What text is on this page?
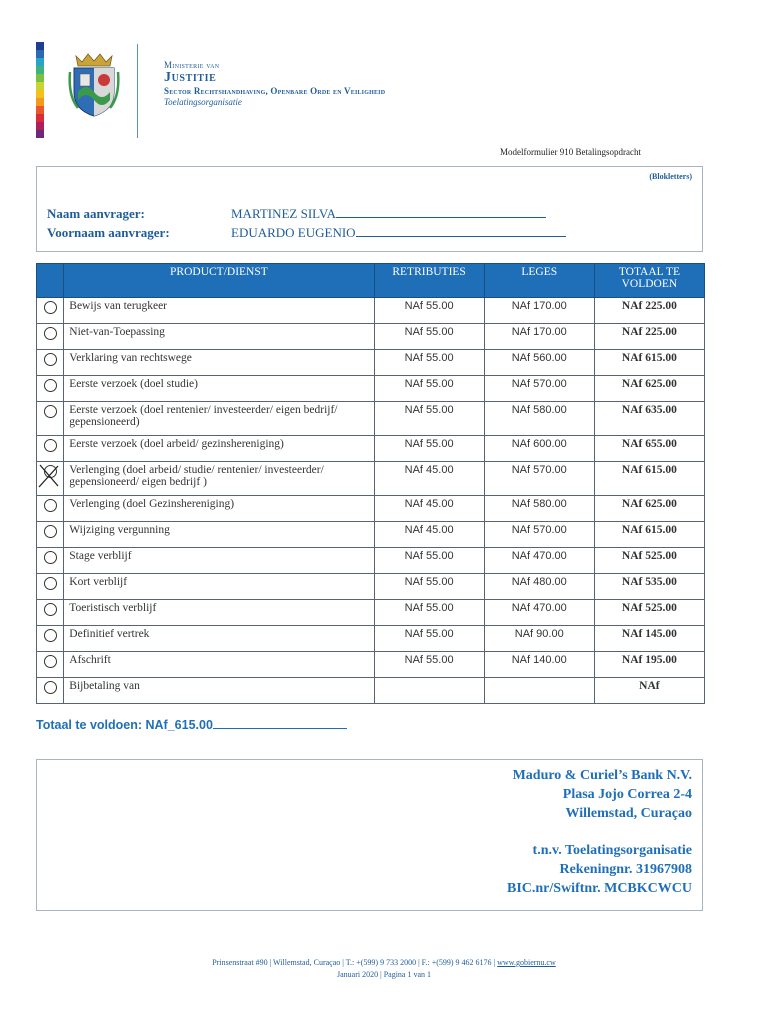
Ministerie van
Justitie
Sector Rechtshandhaving, Openbare Orde en Veiligheid
Toelatingsorganisatie
Modelformulier 910 Betalingsopdracht
(Blokletters)
Naam aanvrager:	MARTINEZ SILVA
Voornaam aanvrager:	EDUARDO EUGENIO
	PRODUCT/DIENST	RETRIBUTIES	LEGES	TOTAAL TE VOLDOEN
	Bewijs van terugkeer	NAf 55.00	NAf 170.00	NAf 225.00
	Niet-van-Toepassing	NAf 55.00	NAf 170.00	NAf 225.00
	Verklaring van rechtswege	NAf 55.00	NAf 560.00	NAf 615.00
	Eerste verzoek (doel studie)	NAf 55.00	NAf 570.00	NAf 625.00
	Eerste verzoek (doel rentenier/ investeerder/ eigen bedrijf/ gepensioneerd)	NAf 55.00	NAf 580.00	NAf 635.00
	Eerste verzoek (doel arbeid/ gezinshereniging)	NAf 55.00	NAf 600.00	NAf 655.00

	Verlenging (doel arbeid/ studie/ rentenier/ investeerder/ gepensioneerd/ eigen bedrijf )	NAf 45.00	NAf 570.00	NAf 615.00
	Verlenging (doel Gezinshereniging)	NAf 45.00	NAf 580.00	NAf 625.00
	Wijziging vergunning	NAf 45.00	NAf 570.00	NAf 615.00
	Stage verblijf	NAf 55.00	NAf 470.00	NAf 525.00
	Kort verblijf	NAf 55.00	NAf 480.00	NAf 535.00
	Toeristisch verblijf	NAf 55.00	NAf 470.00	NAf 525.00
	Definitief vertrek	NAf 55.00	NAf 90.00	NAf 145.00
	Afschrift	NAf 55.00	NAf 140.00	NAf 195.00
	Bijbetaling van			NAf
Totaal te voldoen: NAf_615.00
Maduro & Curiel’s Bank N.V.
Plasa Jojo Correa 2-4
Willemstad, Curaçao
t.n.v. Toelatingsorganisatie
Rekeningnr. 31967908
BIC.nr/Swiftnr. MCBKCWCU
Prinsenstraat #90 | Willemstad, Curaçao | T.: +(599) 9 733 2000 | F.: +(599) 9 462 6176 | www.gobiernu.cw
Januari 2020 | Pagina 1 van 1
